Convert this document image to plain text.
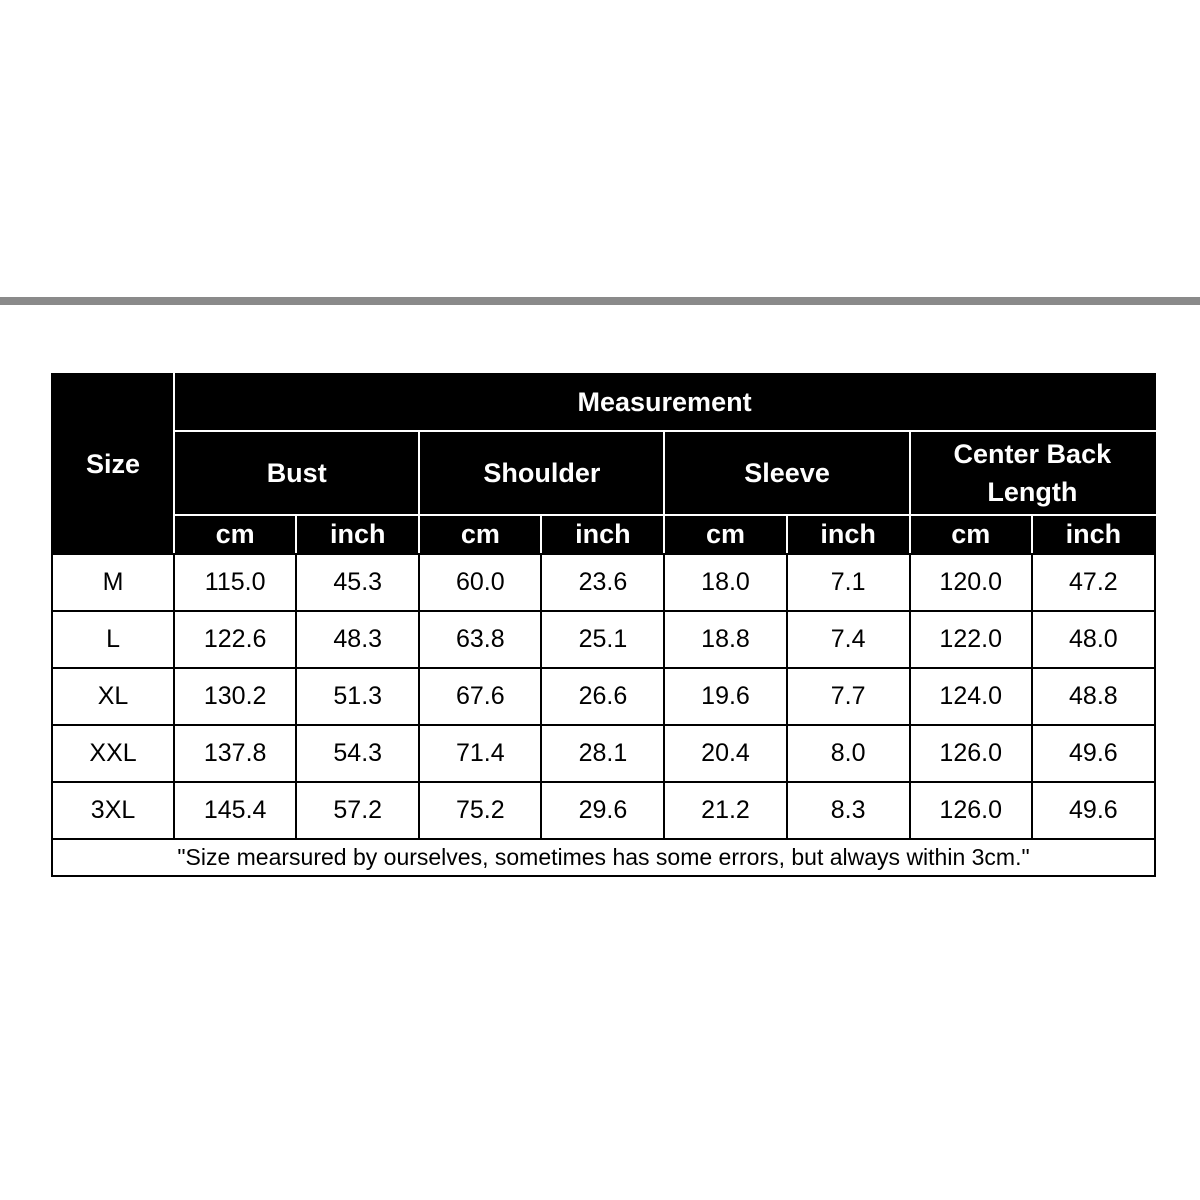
Size	Measurement							
	Bust		Shoulder		Sleeve		Center Back Length	
	cm	inch	cm	inch	cm	inch	cm	inch
M	115.0	45.3	60.0	23.6	18.0	7.1	120.0	47.2
L	122.6	48.3	63.8	25.1	18.8	7.4	122.0	48.0
XL	130.2	51.3	67.6	26.6	19.6	7.7	124.0	48.8
XXL	137.8	54.3	71.4	28.1	20.4	8.0	126.0	49.6
3XL	145.4	57.2	75.2	29.6	21.2	8.3	126.0	49.6
"Size mearsured by ourselves, sometimes has some errors, but always within 3cm."								
